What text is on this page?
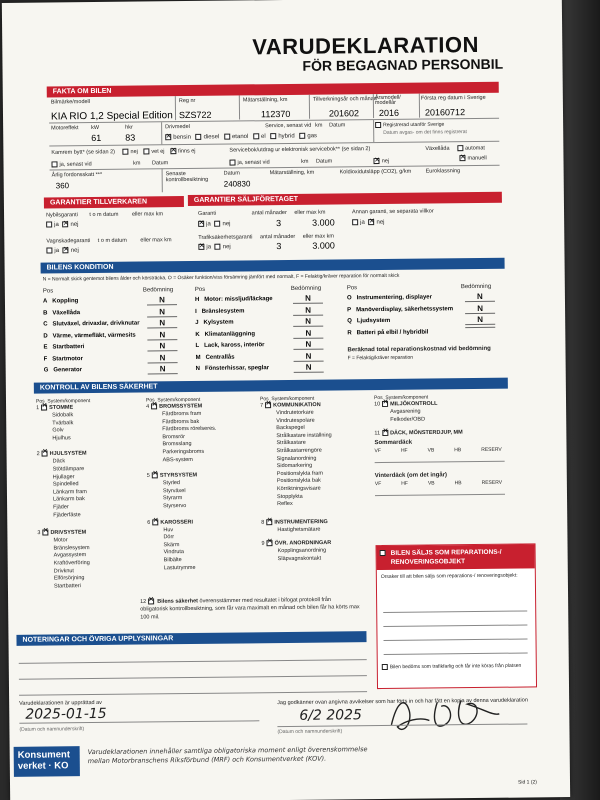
VARUDEKLARATION
FÖR BEGAGNAD PERSONBIL
FAKTA OM BILEN
Bilmärke/modell
KIA RIO 1,2 Special Edition
Reg nr
SZS722
Mätarställning, km
112370
Tillverkningsår och månad
201602
Årsmodell/ modellår
2016
Första reg datum i Sverige
20160712
Motoreffekt kW
61
hkr
83
Drivmedel
✕bensin diesel etanol el hybrid gas
Service, senast vid km Datum	Registrerad utanför Sverige
Datum avgas- om det finns registrerat
Kamrem bytt* (se sidan 2)	nej vet ej ✕ finns ej
ja, senast vid	km Datum
Servicebok/utdrag ur elektronisk servicebok** (se sidan 2)
ja, senast vid	km Datum ✕	nej
Växellåda	automat
✕manuell
Årlig fordonsskatt ***
360
Senaste kontrollbesiktning
Datum
240830
Mätarställning, km	Koldioxidutsläpp (CO2), g/km	Euroklassning
GARANTIER TILLVERKAREN	GARANTIER SÄLJFÖRETAGET
Nybilsgaranti t o m datum eller max km
ja ✕ nej
Vagnskadegaranti t o m datum eller max km
ja ✕ nej
Garanti	antal månader eller max km
✕ja nej	3	3.000
Trafiksäkerhetsgaranti antal månader eller max km
✕ja nej	3	3.000
Annan garanti, se separata villkor
ja ✕ nej
BILENS KONDITION
N = Normalt skick gentemot bilens ålder och körsträcka, O = Osäker funktion/viss försämring jämfört med normalt, F = Felaktig/kräver reparation för normalt skick
Pos	Bedömning
A Koppling	N
B Växellåda	N
C Slutväxel, drivaxlar, drivknutar	N
D Värme, värmefläkt, värmesits	N
E Startbatteri	N
F Startmotor	N
G Generator	N
Pos	Bedömning
H Motor: missljud/läckage	N
I Bränslesystem	N
J Kylsystem	N
K Klimatanläggning	N
L Lack, kaross, interiör	N
M Centrallås	N
N Fönsterhissar, speglar	N
Pos	Bedömning
O Instrumentering, displayer	N
P Manöverdisplay, säkerhetssystem	N
Q Ljudsystem	N
R Batteri på elbil / hybridbil
Beräknad total reparationskostnad vid bedömning
F = Felaktig/kräver reparation
KONTROLL AV BILENS SÄKERHET
Pos System/komponent
1 ✕ STOMME
Sidobalk
Tvärbalk
Golv
Hjulhus
2 ✕ HJULSYSTEM
Däck
Stötdämpare
Hjullager
Spindelled
Länkarm fram
Länkarm bak
Fjäder
Fjäderfäste
3 ✕ DRIVSYSTEM
Motor
Bränslesystem
Avgassystem
Kraftöverföring
Drivknut
Elförsörjning
Startbatteri
Pos System/komponent
4 ✕ BROMSSYSTEM
Färdbroms fram
Färdbroms bak
Färdbroms rörelseres.
Bromsrör
Bromsslang
Parkeringsbroms
ABS-system
5 ✕ STYRSYSTEM
Styrled
Styrväxel
Styrarm
Styrservo
6 ✕ KAROSSERI
Huv
Dörr
Skärm
Vindruta
Bilbälte
Lastutrymme
Pos System/komponent
7 ✕ KOMMUNIKATION
Vindrutetorkare
Vindrutespolare
Backspegel
Strålkastare inställning
Strålkastare
Strålkastarrengöre
Signalanordning
Sidomarkering
Positionslykta fram
Positionslykta bak
Körriktningsvisare
Stopplykta
Reflex
8 ✕ INSTRUMENTERING
Hastighetsmätare
9 ✕ ÖVR. ANORDNINGAR
Kopplingsanordning
Släpvagnskontakt
Pos System/komponent
10 ✕ MILJÖKONTROLL
Avgasrening
Felkoder/OBD
11 ✕ DÄCK, MÖNSTERDJUP, MM
Sommardäck
VF	HF	VB	HB	RESERV
Vinterdäck (om det ingår)
VF	HF	VB	HB	RESERV
12 ✕ Bilens säkerhet överensstämmer med resultatet i bifogat protokoll från obligatorisk kontrollbesiktning, som får vara maximalt en månad och bilen får ha körts max 100 mil.
BILEN SÄLJS SOM REPARATIONS-/ RENOVERINGSOBJEKT
Orsaker till att bilen säljs som reparations-/ renoveringsobjekt:
Bilen bedöms som trafikfarlig och får inte köras från platsen
NOTERINGAR OCH ÖVRIGA UPPLYSNINGAR
Varudeklarationen är upprättad av
2025-01-15
(Datum och namnunderskrift)
Jag godkänner ovan angivna avvikelser som har förts in och har fått en kopia av denna varudeklaration
6/2 2025
(Datum och namnunderskrift)
Konsument
verket · KO
Varudeklarationen innehåller samtliga obligatoriska moment enligt överenskommelse mellan Motorbranschens Riksförbund (MRF) och Konsumentverket (KOV).
Sid 1 (2)
